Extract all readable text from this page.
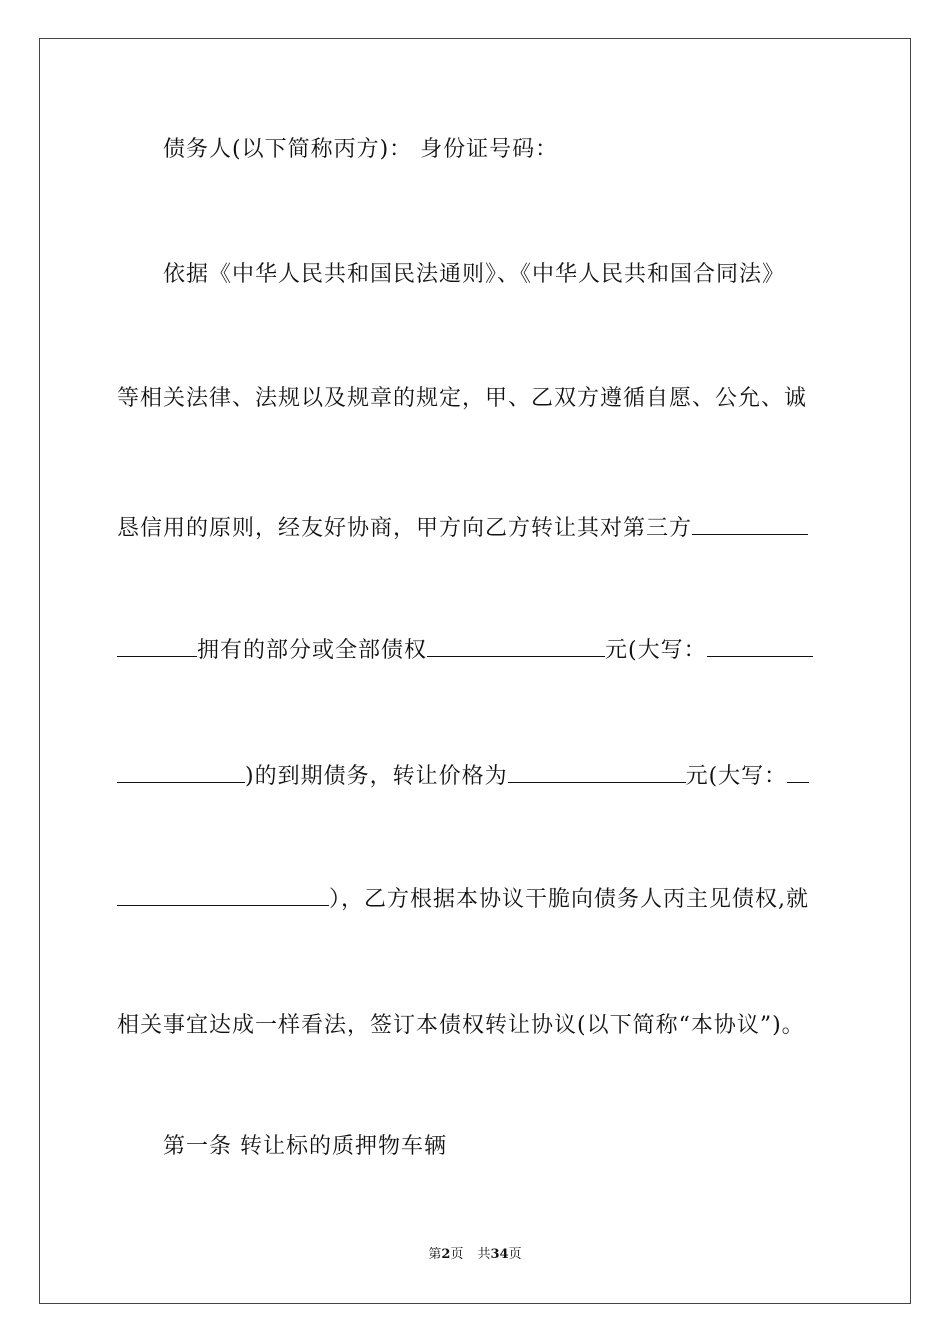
债务人(以下简称丙方)： 身份证号码：
依据《中华人民共和国民法通则》、《中华人民共和国合同法》
等相关法律、法规以及规章的规定，甲、乙双方遵循自愿、公允、诚
恳信用的原则，经友好协商，甲方向乙方转让其对第三方
拥有的部分或全部债权	元(大写：
)的到期债务，转让价格为	元(大写：
），乙方根据本协议干脆向债务人丙主见债权,就
相关事宜达成一样看法，签订本债权转让协议(以下简称“本协议”)。
第一条 转让标的质押物车辆
第2页 共34页
